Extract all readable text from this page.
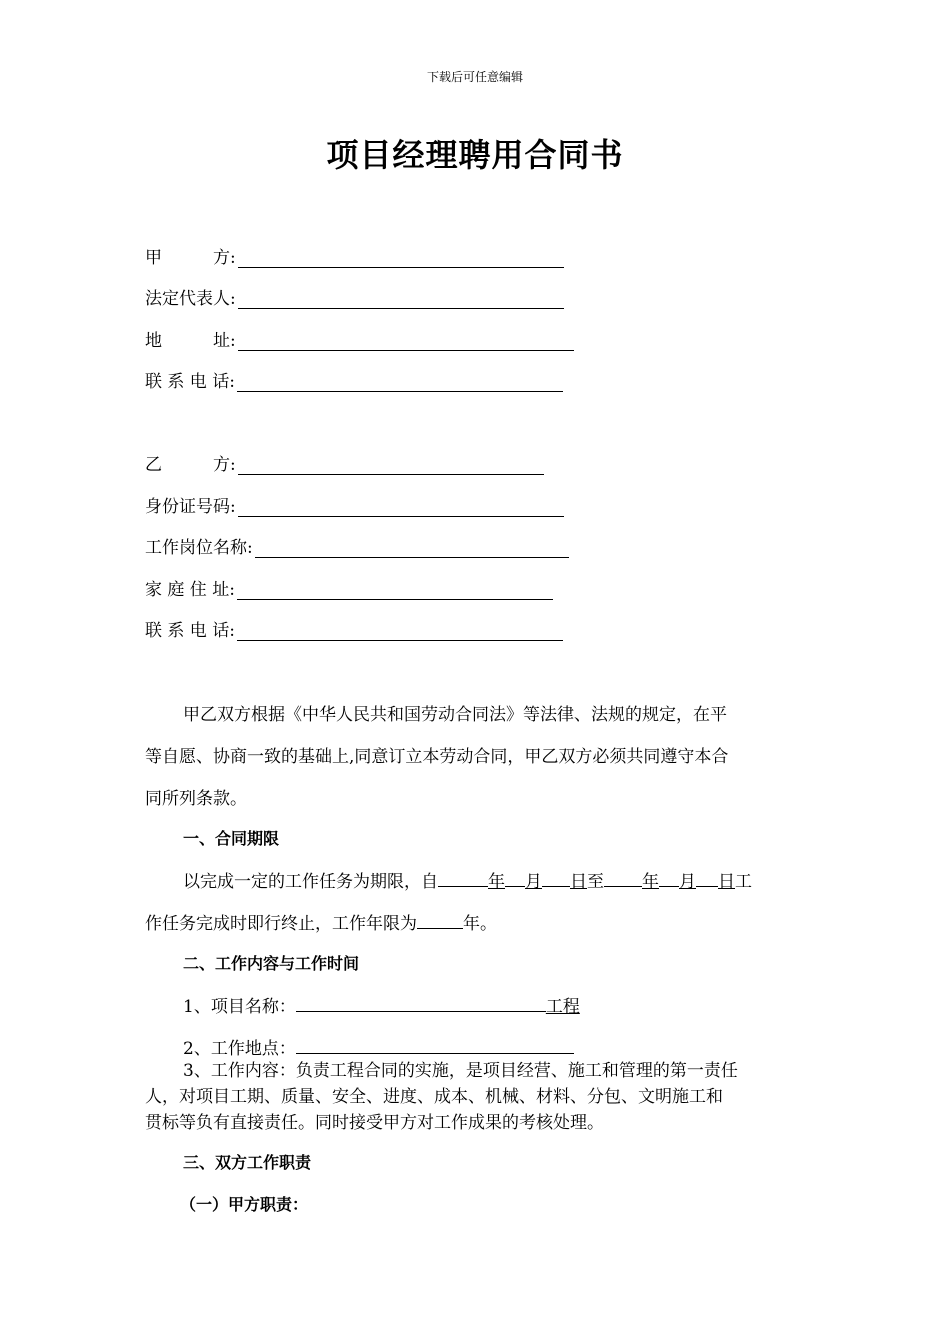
下载后可任意编辑
项目经理聘用合同书
甲　　　方:
法定代表人:
地　　　址:
联 系 电 话:
乙　　　方:
身份证号码:
工作岗位名称:
家 庭 住 址:
联 系 电 话:
甲乙双方根据《中华人民共和国劳动合同法》等法律、法规的规定，在平
等自愿、协商一致的基础上,同意订立本劳动合同，甲乙双方必须共同遵守本合
同所列条款。
一、合同期限
以完成一定的工作任务为期限，自	年 月 日至 年 月 日工
作任务完成时即行终止，工作年限为	年。
二、工作内容与工作时间
1、项目名称：	工程
2、工作地点：
3、工作内容：负责工程合同的实施，是项目经营、施工和管理的第一责任
人，对项目工期、质量、安全、进度、成本、机械、材料、分包、文明施工和
贯标等负有直接责任。同时接受甲方对工作成果的考核处理。
三、双方工作职责
（一）甲方职责：
